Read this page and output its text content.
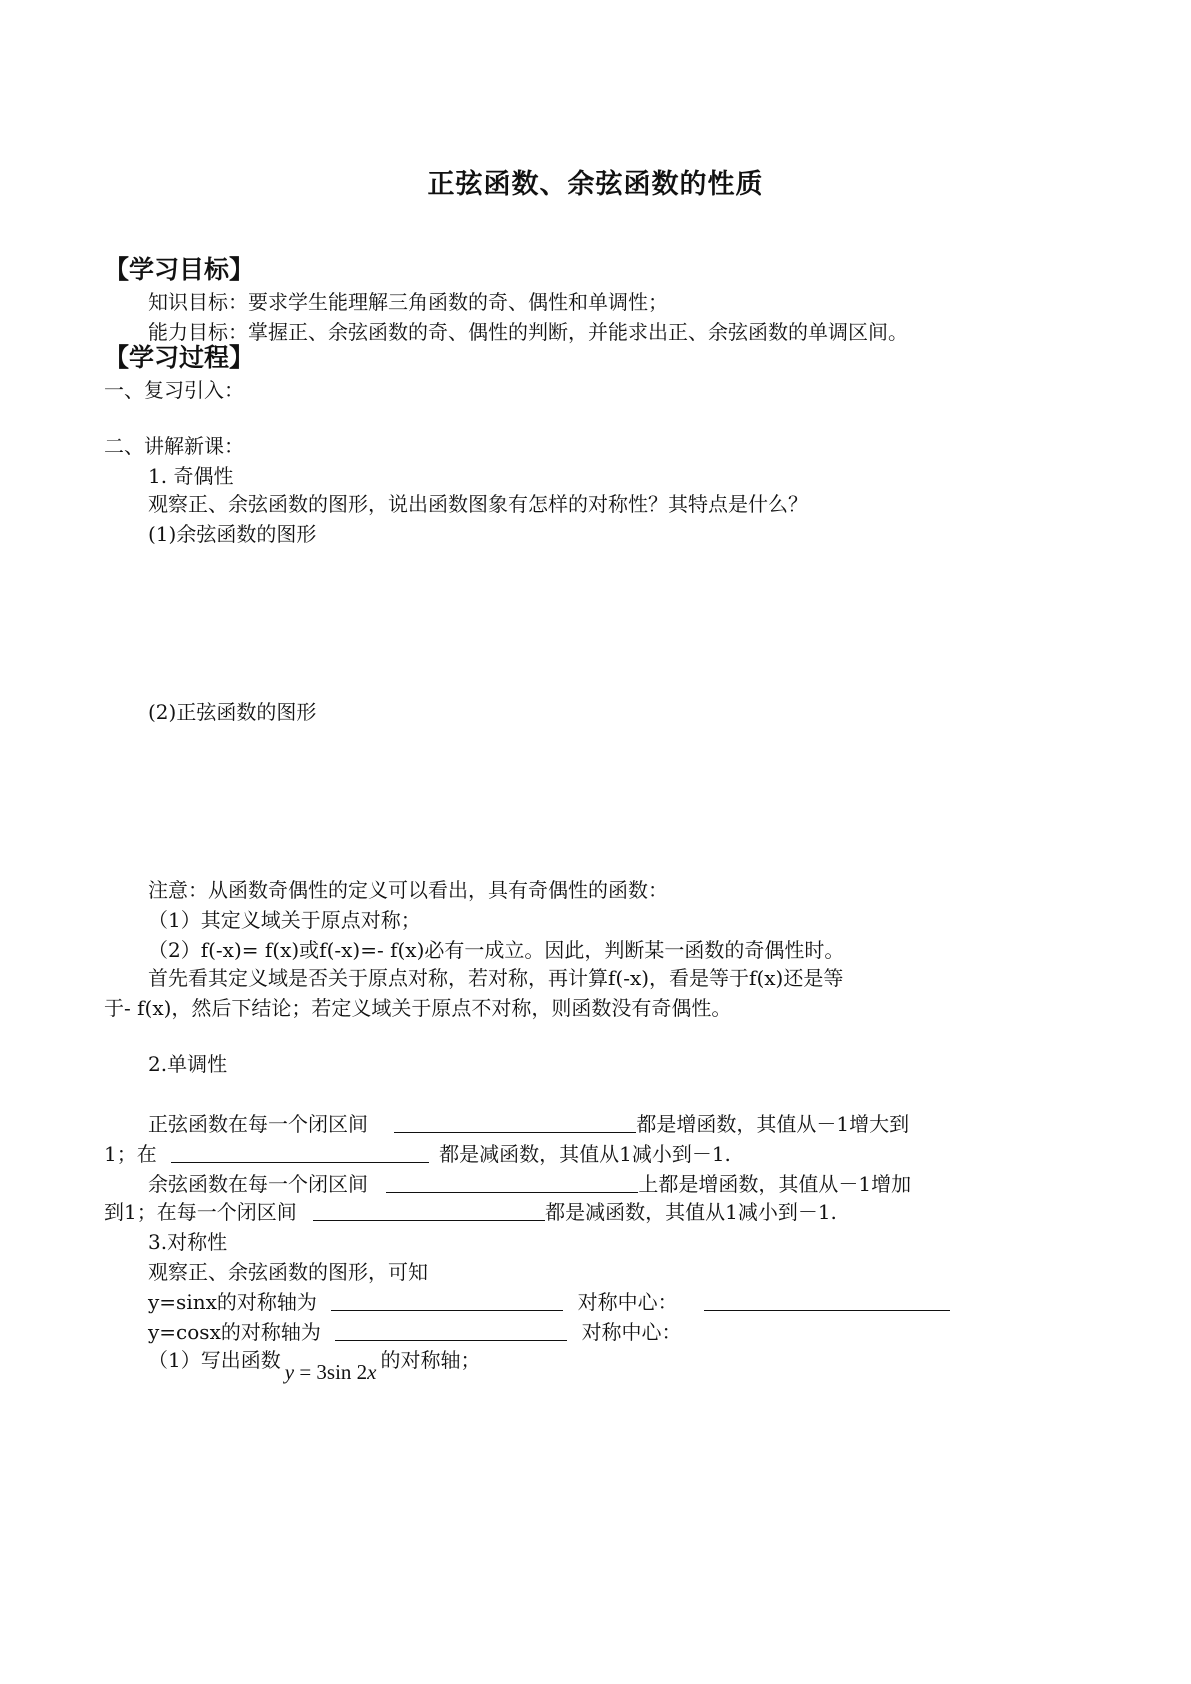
正弦函数、余弦函数的性质
【学习目标】
知识目标：要求学生能理解三角函数的奇、偶性和单调性；
能力目标：掌握正、余弦函数的奇、偶性的判断，并能求出正、余弦函数的单调区间。
【学习过程】
一、复习引入：
二、讲解新课：
1. 奇偶性
观察正、余弦函数的图形，说出函数图象有怎样的对称性？其特点是什么？
(1)余弦函数的图形
(2)正弦函数的图形
注意：从函数奇偶性的定义可以看出，具有奇偶性的函数：
（1）其定义域关于原点对称；
（2）f(-x)= f(x)或f(-x)=- f(x)必有一成立。因此，判断某一函数的奇偶性时。
首先看其定义域是否关于原点对称，若对称，再计算f(-x)，看是等于f(x)还是等
于- f(x)，然后下结论；若定义域关于原点不对称，则函数没有奇偶性。
2.单调性
正弦函数在每一个闭区间	都是增函数，其值从－1增大到
1；在	都是减函数，其值从1减小到－1.
余弦函数在每一个闭区间	上都是增函数，其值从－1增加
到1；在每一个闭区间	都是减函数，其值从1减小到－1.
3.对称性
观察正、余弦函数的图形，可知
y=sinx的对称轴为	对称中心：
y=cosx的对称轴为	对称中心：
（1）写出函数 y = 3sin 2x 的对称轴；
